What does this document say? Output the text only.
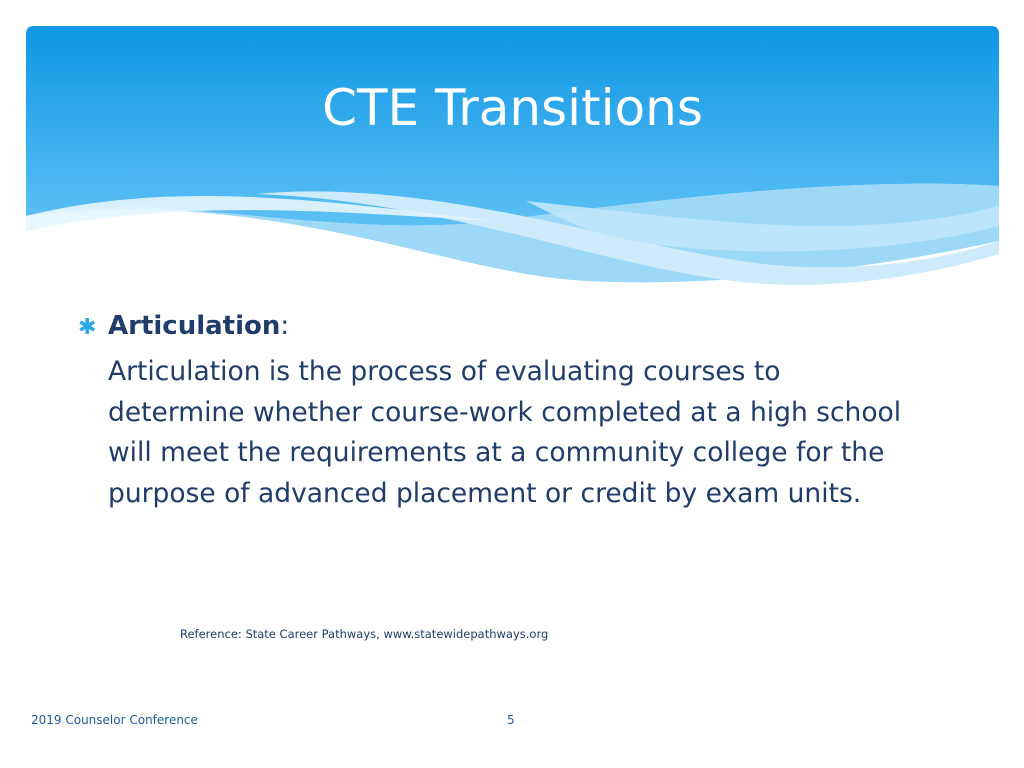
CTE Transitions
✱ Articulation :
Articulation is the process of evaluating courses to determine whether course-work completed at a high school will meet the requirements at a community college for the purpose of advanced placement or credit by exam units.
Reference: State Career Pathways, www.statewidepathways.org
2019 Counselor Conference	5
